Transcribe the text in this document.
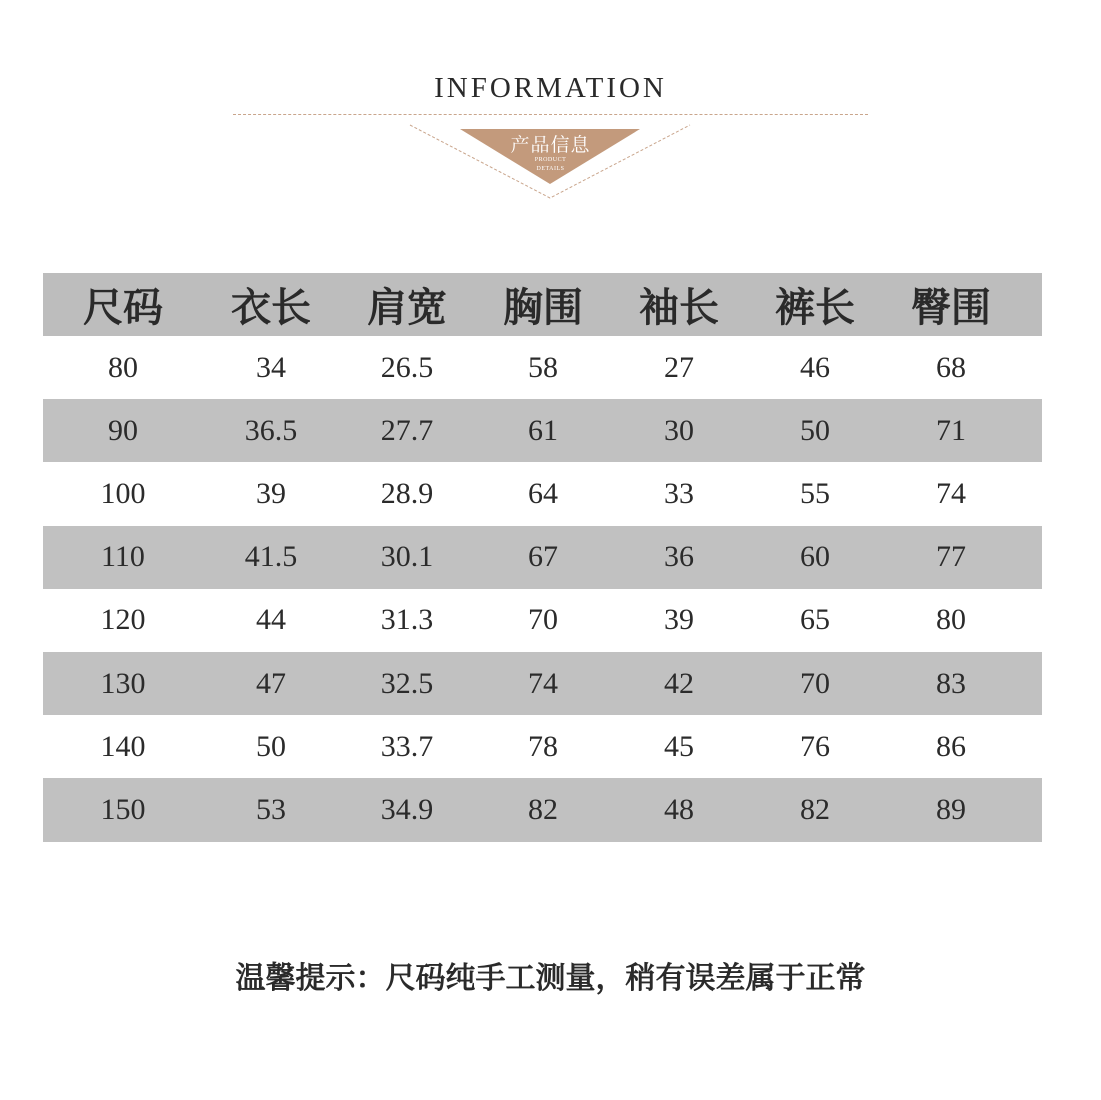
INFORMATION
产品信息
PRODUCT
DETAILS
尺码	衣长	肩宽	胸围	袖长	裤长	臀围
80	34	26.5	58	27	46	68
90	36.5	27.7	61	30	50	71
100	39	28.9	64	33	55	74
110	41.5	30.1	67	36	60	77
120	44	31.3	70	39	65	80
130	47	32.5	74	42	70	83
140	50	33.7	78	45	76	86
150	53	34.9	82	48	82	89
温馨提示：尺码纯手工测量，稍有误差属于正常
